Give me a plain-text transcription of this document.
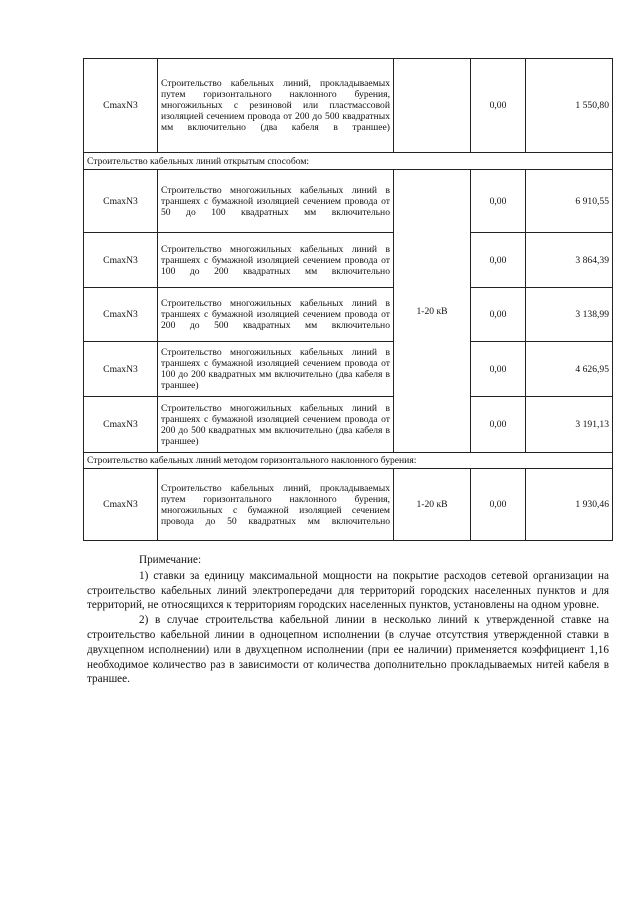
СmaxN3	Строительство кабельных линий, прокладываемых путем горизонтального наклонного бурения, многожильных с резиновой или пластмассовой изоляцией сечением провода от 200 до 500 квадратных мм включительно (два кабеля в траншее)		0,00	1 550,80
Строительство кабельных линий открытым способом:				
СmaxN3	Строительство многожильных кабельных линий в траншеях с бумажной изоляцией сечением провода от 50 до 100 квадратных мм включительно	1-20 кВ	0,00	6 910,55
СmaxN3	Строительство многожильных кабельных линий в траншеях с бумажной изоляцией сечением провода от 100 до 200 квадратных мм включительно		0,00	3 864,39
СmaxN3	Строительство многожильных кабельных линий в траншеях с бумажной изоляцией сечением провода от 200 до 500 квадратных мм включительно		0,00	3 138,99
СmaxN3	Строительство многожильных кабельных линий в траншеях с бумажной изоляцией сечением провода от 100 до 200 квадратных мм включительно (два кабеля в траншее)		0,00	4 626,95
СmaxN3	Строительство многожильных кабельных линий в траншеях с бумажной изоляцией сечением провода от 200 до 500 квадратных мм включительно (два кабеля в траншее)		0,00	3 191,13
Строительство кабельных линий методом горизонтального наклонного бурения:				
СmaxN3	Строительство кабельных линий, прокладываемых путем горизонтального наклонного бурения, многожильных с бумажной изоляцией сечением провода до 50 квадратных мм включительно	1-20 кВ	0,00	1 930,46

Примечание:

1) ставки за единицу максимальной мощности на покрытие расходов сетевой организации на строительство кабельных линий электропередачи для территорий городских населенных пунктов и для территорий, не относящихся к территориям городских населенных пунктов, установлены на одном уровне.

2) в случае строительства кабельной линии в несколько линий к утвержденной ставке на строительство кабельной линии в одноцепном исполнении (в случае отсутствия утвержденной ставки в двухцепном исполнении) или в двухцепном исполнении (при ее наличии) применяется коэффициент 1,16 необходимое количество раз в зависимости от количества дополнительно прокладываемых нитей кабеля в траншее.
